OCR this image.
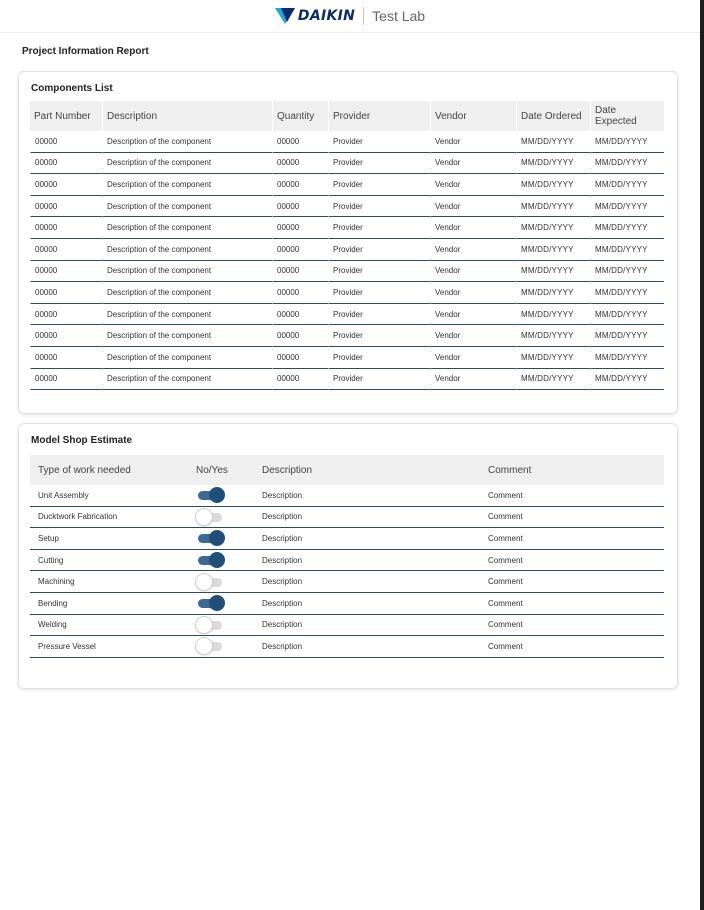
DAIKIN Test Lab
Project Information Report
Components List
Part Number	Description	Quantity	Provider	Vendor	Date Ordered	Date Expected
00000	Description of the component	00000	Provider	Vendor	MM/DD/YYYY	MM/DD/YYYY
00000	Description of the component	00000	Provider	Vendor	MM/DD/YYYY	MM/DD/YYYY
00000	Description of the component	00000	Provider	Vendor	MM/DD/YYYY	MM/DD/YYYY
00000	Description of the component	00000	Provider	Vendor	MM/DD/YYYY	MM/DD/YYYY
00000	Description of the component	00000	Provider	Vendor	MM/DD/YYYY	MM/DD/YYYY
00000	Description of the component	00000	Provider	Vendor	MM/DD/YYYY	MM/DD/YYYY
00000	Description of the component	00000	Provider	Vendor	MM/DD/YYYY	MM/DD/YYYY
00000	Description of the component	00000	Provider	Vendor	MM/DD/YYYY	MM/DD/YYYY
00000	Description of the component	00000	Provider	Vendor	MM/DD/YYYY	MM/DD/YYYY
00000	Description of the component	00000	Provider	Vendor	MM/DD/YYYY	MM/DD/YYYY
00000	Description of the component	00000	Provider	Vendor	MM/DD/YYYY	MM/DD/YYYY
00000	Description of the component	00000	Provider	Vendor	MM/DD/YYYY	MM/DD/YYYY
Model Shop Estimate
Type of work needed	No/Yes	Description	Comment
Unit Assembly		Description	Comment
Ducktwork Fabrication		Description	Comment
Setup		Description	Comment
Cutting		Description	Comment
Machining		Description	Comment
Bending		Description	Comment
Welding		Description	Comment
Pressure Vessel		Description	Comment
